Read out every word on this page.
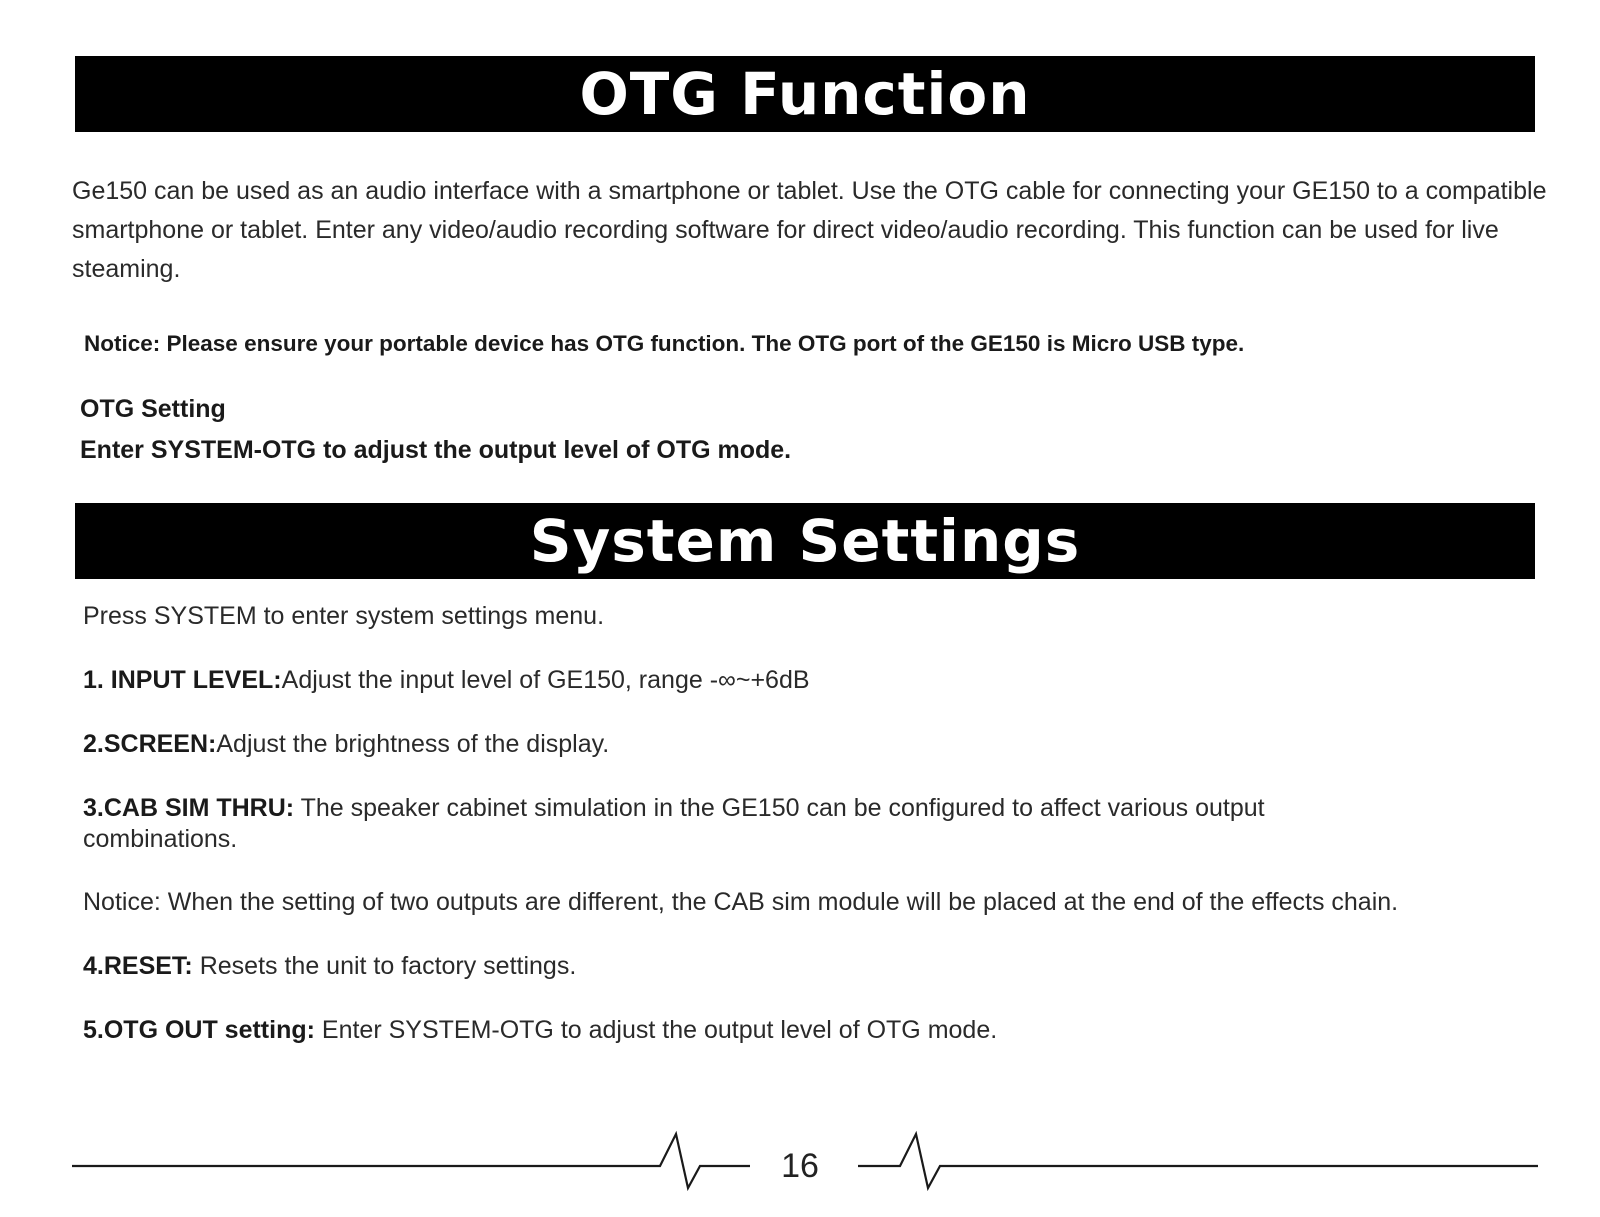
OTG Function

Ge150 can be used as an audio interface with a smartphone or tablet. Use the OTG cable for connecting your GE150 to a compatible smartphone or tablet. Enter any video/audio recording software for direct video/audio recording. This function can be used for live steaming.

Notice: Please ensure your portable device has OTG function. The OTG port of the GE150 is Micro USB type.

OTG Setting
Enter SYSTEM-OTG to adjust the output level of OTG mode.
System Settings

Press SYSTEM to enter system settings menu.

1. INPUT LEVEL:Adjust the input level of GE150, range -∞~+6dB

2.SCREEN:Adjust the brightness of the display.

3.CAB SIM THRU: The speaker cabinet simulation in the GE150 can be configured to affect various output combinations.

Notice: When the setting of two outputs are different, the CAB sim module will be placed at the end of the effects chain.

4.RESET: Resets the unit to factory settings.

5.OTG OUT setting: Enter SYSTEM-OTG to adjust the output level of OTG mode.

16
